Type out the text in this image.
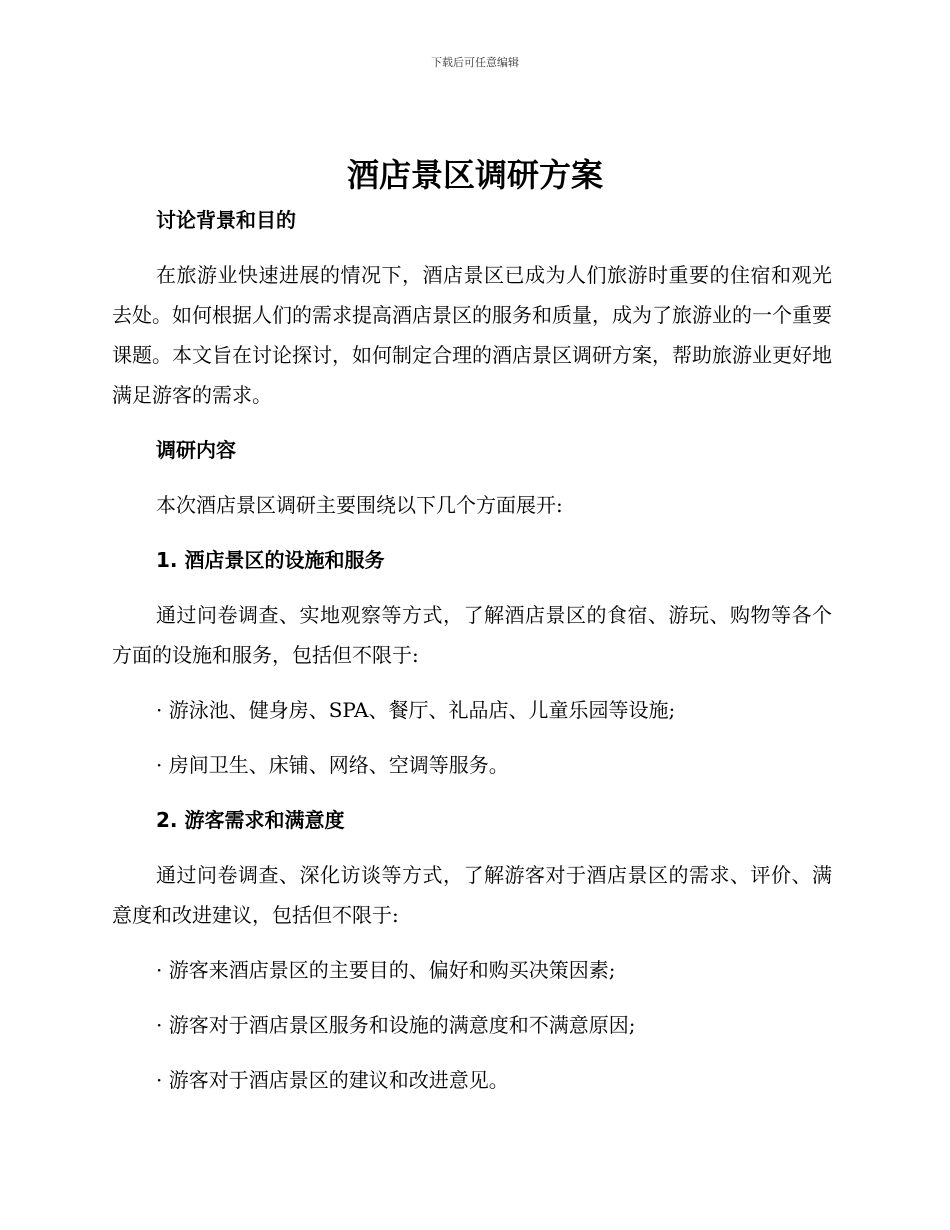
下载后可任意编辑
酒店景区调研方案

讨论背景和目的

在旅游业快速进展的情况下，酒店景区已成为人们旅游时重要的住宿和观光去处。如何根据人们的需求提高酒店景区的服务和质量，成为了旅游业的一个重要课题。本文旨在讨论探讨，如何制定合理的酒店景区调研方案，帮助旅游业更好地满足游客的需求。

调研内容

本次酒店景区调研主要围绕以下几个方面展开:

1. 酒店景区的设施和服务

通过问卷调查、实地观察等方式，了解酒店景区的食宿、游玩、购物等各个方面的设施和服务，包括但不限于:

· 游泳池、健身房、SPA、餐厅、礼品店、儿童乐园等设施;

· 房间卫生、床铺、网络、空调等服务。

2. 游客需求和满意度

通过问卷调查、深化访谈等方式，了解游客对于酒店景区的需求、评价、满意度和改进建议，包括但不限于:

· 游客来酒店景区的主要目的、偏好和购买决策因素;

· 游客对于酒店景区服务和设施的满意度和不满意原因;

· 游客对于酒店景区的建议和改进意见。
